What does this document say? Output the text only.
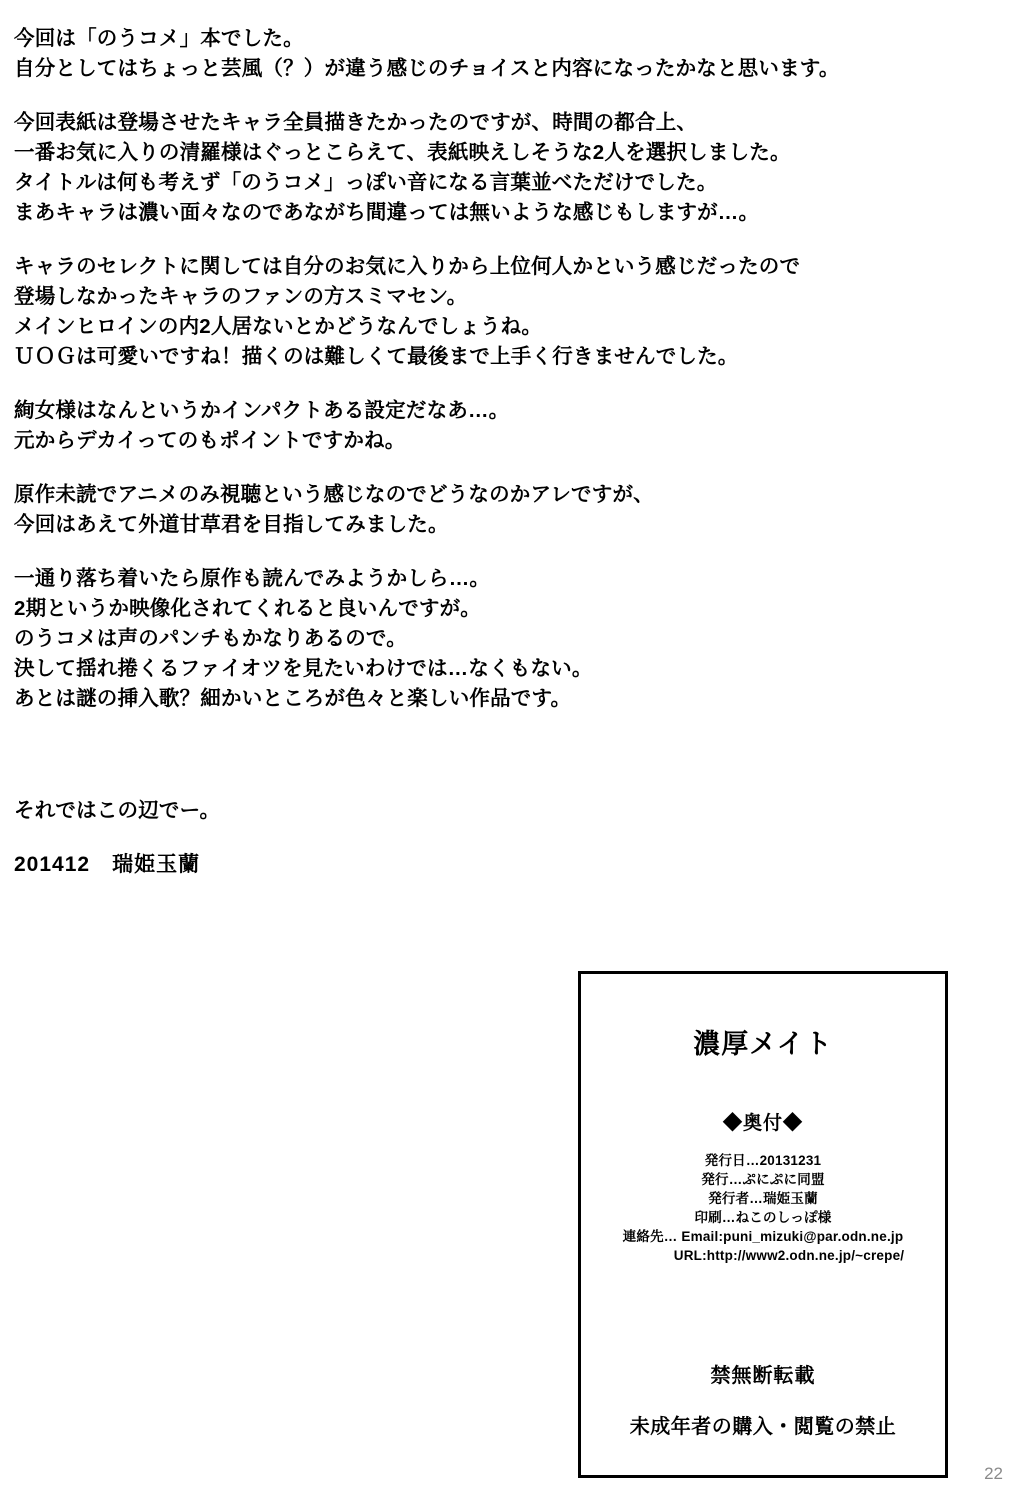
今回は「のうコメ」本でした。
自分としてはちょっと芸風（？）が違う感じのチョイスと内容になったかなと思います。
今回表紙は登場させたキャラ全員描きたかったのですが、時間の都合上、
一番お気に入りの清羅様はぐっとこらえて、表紙映えしそうな2人を選択しました。
タイトルは何も考えず「のうコメ」っぽい音になる言葉並べただけでした。
まあキャラは濃い面々なのであながち間違っては無いような感じもしますが…。
キャラのセレクトに関しては自分のお気に入りから上位何人かという感じだったので
登場しなかったキャラのファンの方スミマセン。
メインヒロインの内2人居ないとかどうなんでしょうね。
ＵＯＧは可愛いですね！描くのは難しくて最後まで上手く行きませんでした。
絢女様はなんというかインパクトある設定だなあ…。
元からデカイってのもポイントですかね。
原作未読でアニメのみ視聴という感じなのでどうなのかアレですが、
今回はあえて外道甘草君を目指してみました。
一通り落ち着いたら原作も読んでみようかしら…。
2期というか映像化されてくれると良いんですが。
のうコメは声のパンチもかなりあるので。
決して揺れ捲くるファイオツを見たいわけでは…なくもない。
あとは謎の挿入歌？細かいところが色々と楽しい作品です。
それではこの辺でー。
201412　瑞姫玉蘭
濃厚メイト
◆奥付◆
発行日…20131231
発行…ぷにぷに同盟
発行者…瑞姫玉蘭
印刷…ねこのしっぽ様
連絡先… Email:puni_mizuki@par.odn.ne.jp
URL:http://www2.odn.ne.jp/~crepe/
禁無断転載
未成年者の購入・閲覧の禁止
22
